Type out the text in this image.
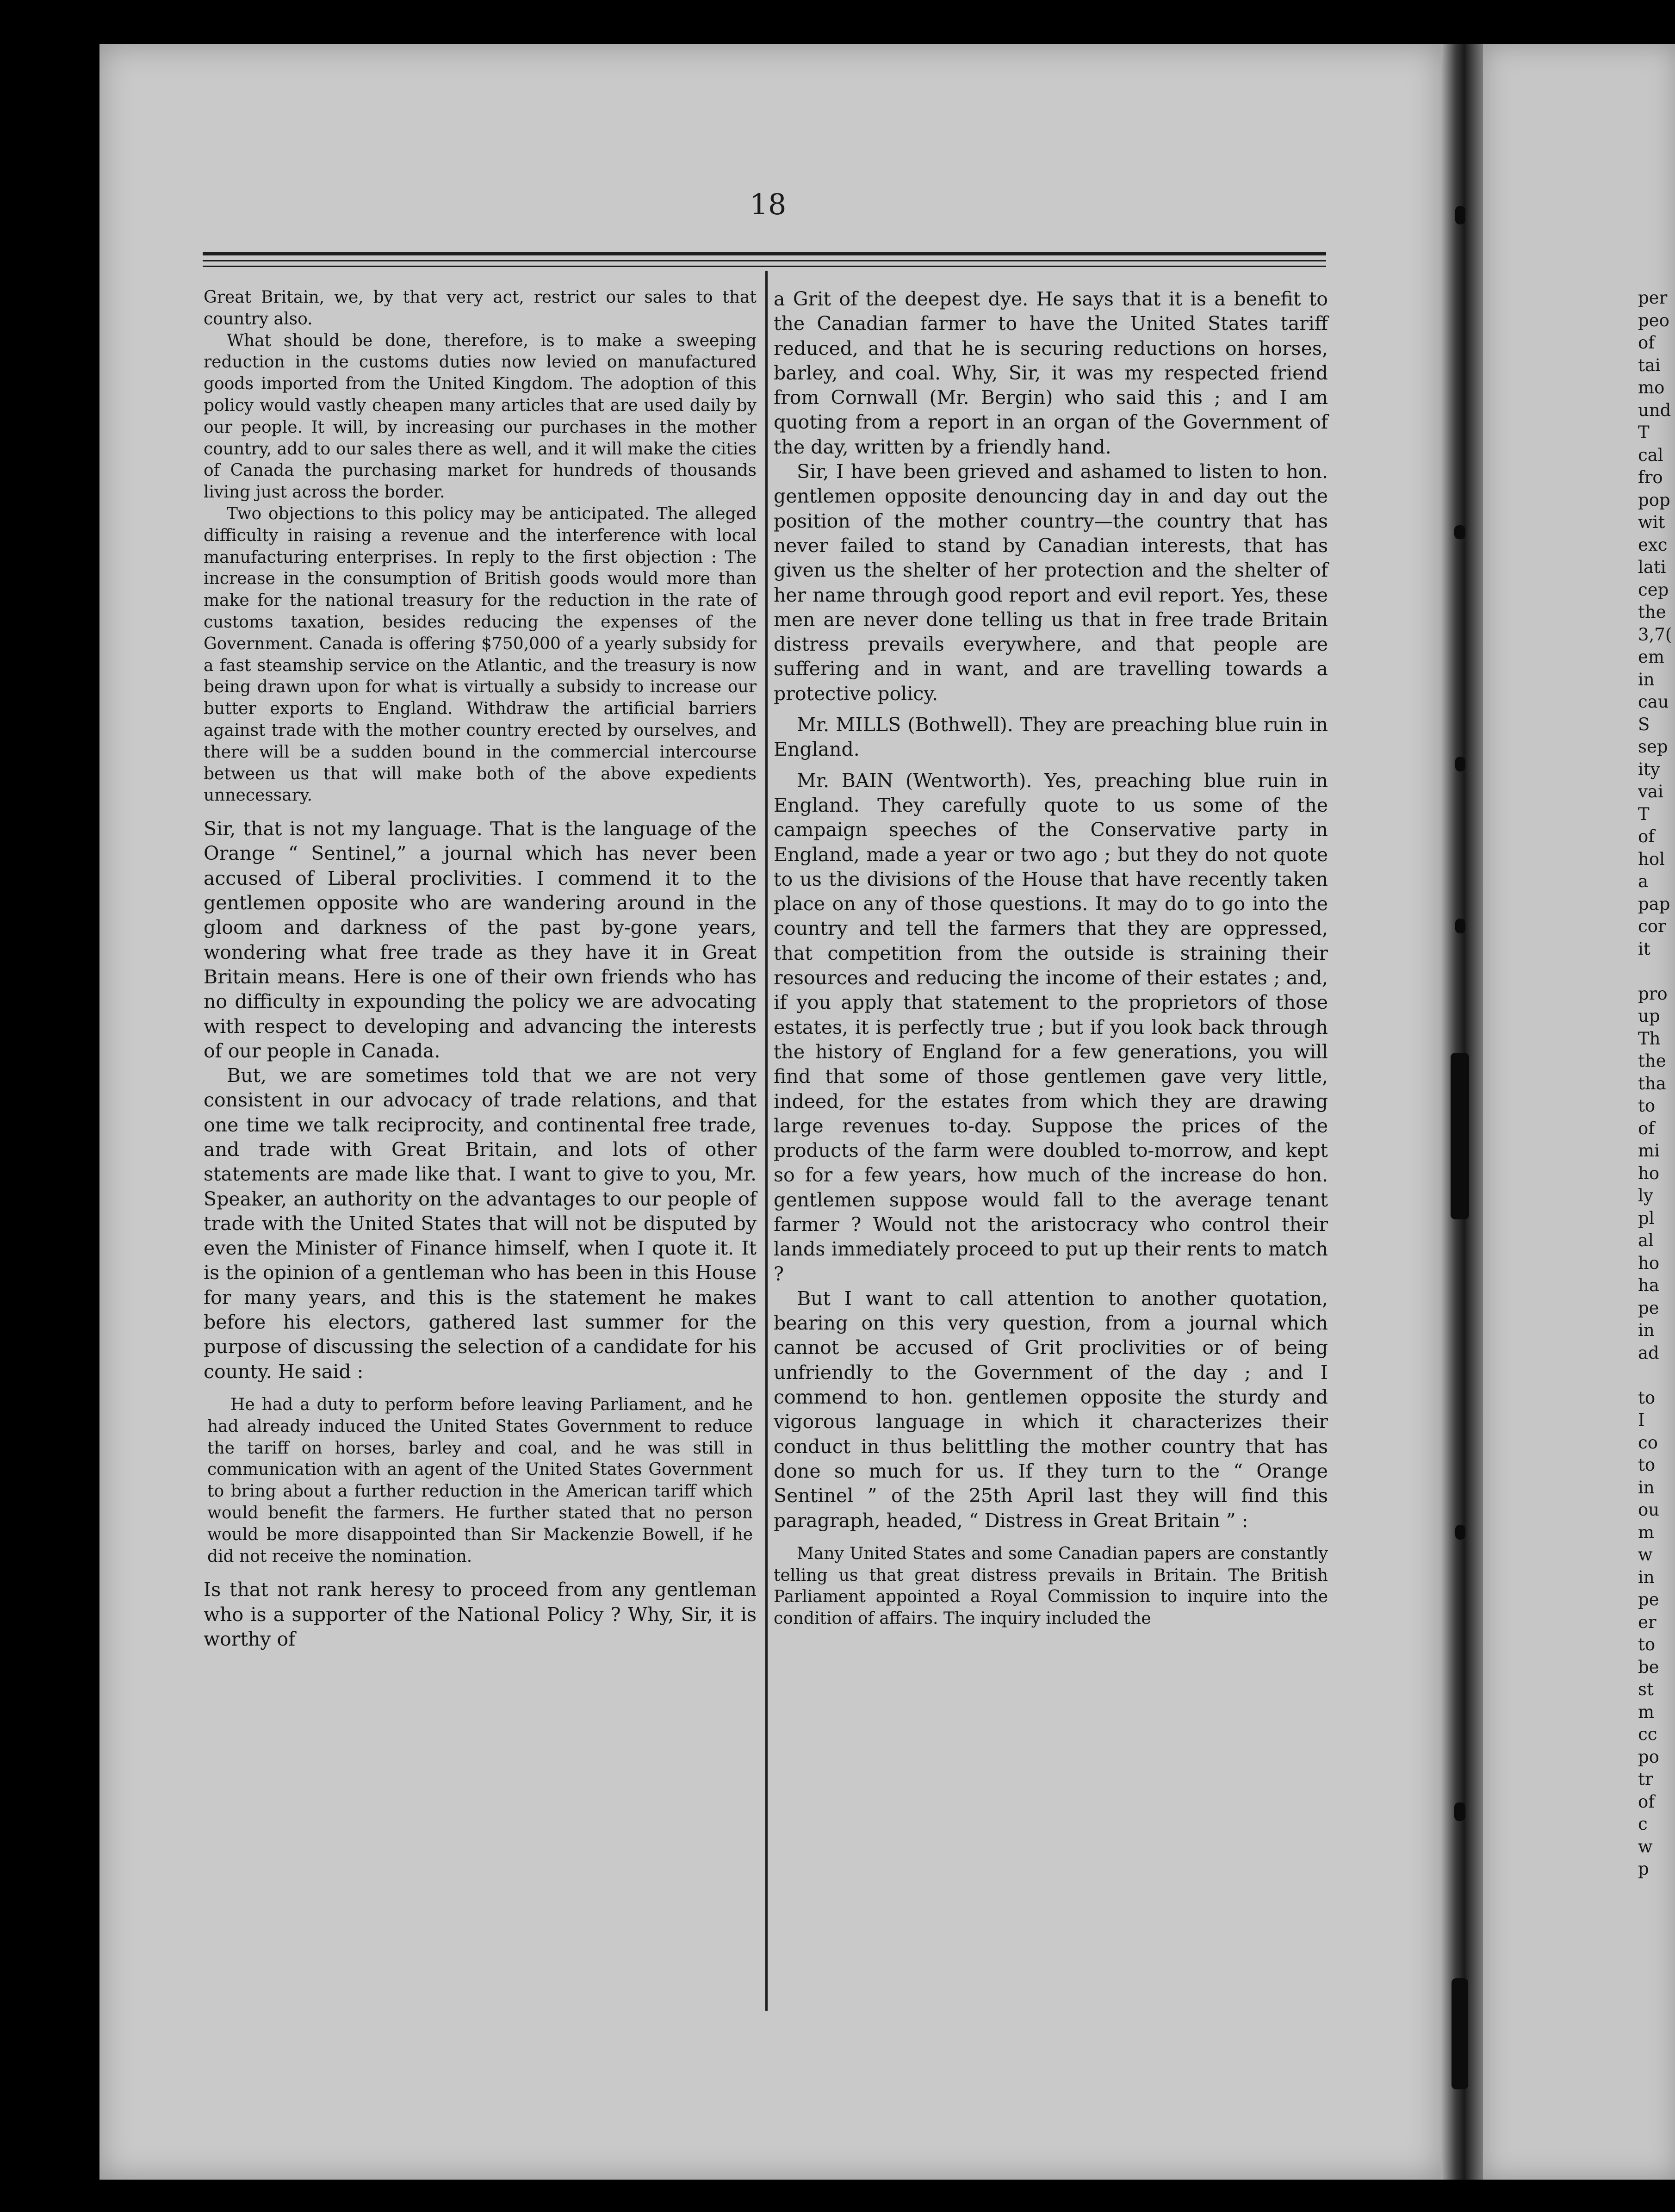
18

Great Britain, we, by that very act, restrict our sales to that country also.

What should be done, therefore, is to make a sweeping reduction in the customs duties now levied on manufactured goods imported from the United Kingdom. The adoption of this policy would vastly cheapen many articles that are used daily by our people. It will, by increasing our purchases in the mother country, add to our sales there as well, and it will make the cities of Canada the purchasing market for hundreds of thousands living just across the border.

Two objections to this policy may be anticipated. The alleged difficulty in raising a revenue and the interference with local manufacturing enterprises. In reply to the first objection : The increase in the consumption of British goods would more than make for the national treasury for the reduction in the rate of customs taxation, besides reducing the expenses of the Government. Canada is offering $750,000 of a yearly subsidy for a fast steamship service on the Atlantic, and the treasury is now being drawn upon for what is virtually a subsidy to increase our butter exports to England. Withdraw the artificial barriers against trade with the mother country erected by ourselves, and there will be a sudden bound in the commercial intercourse between us that will make both of the above expedients unnecessary.

Sir, that is not my language. That is the language of the Orange “ Sentinel,” a journal which has never been accused of Liberal proclivities. I commend it to the gentlemen opposite who are wandering around in the gloom and darkness of the past by-gone years, wondering what free trade as they have it in Great Britain means. Here is one of their own friends who has no difficulty in expounding the policy we are advocating with respect to developing and advancing the interests of our people in Canada.

But, we are sometimes told that we are not very consistent in our advocacy of trade relations, and that one time we talk reciprocity, and continental free trade, and trade with Great Britain, and lots of other statements are made like that. I want to give to you, Mr. Speaker, an authority on the advantages to our people of trade with the United States that will not be disputed by even the Minister of Finance himself, when I quote it. It is the opinion of a gentleman who has been in this House for many years, and this is the statement he makes before his electors, gathered last summer for the purpose of discussing the selection of a candidate for his county. He said :

He had a duty to perform before leaving Parliament, and he had already induced the United States Government to reduce the tariff on horses, barley and coal, and he was still in communication with an agent of the United States Government to bring about a further reduction in the American tariff which would benefit the farmers. He further stated that no person would be more disappointed than Sir Mackenzie Bowell, if he did not receive the nomination.

Is that not rank heresy to proceed from any gentleman who is a supporter of the National Policy ? Why, Sir, it is worthy of

a Grit of the deepest dye. He says that it is a benefit to the Canadian farmer to have the United States tariff reduced, and that he is securing reductions on horses, barley, and coal. Why, Sir, it was my respected friend from Cornwall (Mr. Bergin) who said this ; and I am quoting from a report in an organ of the Government of the day, written by a friendly hand.

Sir, I have been grieved and ashamed to listen to hon. gentlemen opposite denouncing day in and day out the position of the mother country—the country that has never failed to stand by Canadian interests, that has given us the shelter of her protection and the shelter of her name through good report and evil report. Yes, these men are never done telling us that in free trade Britain distress prevails everywhere, and that people are suffering and in want, and are travelling towards a protective policy.

Mr. MILLS (Bothwell). They are preaching blue ruin in England.

Mr. BAIN (Wentworth). Yes, preaching blue ruin in England. They carefully quote to us some of the campaign speeches of the Conservative party in England, made a year or two ago ; but they do not quote to us the divisions of the House that have recently taken place on any of those questions. It may do to go into the country and tell the farmers that they are oppressed, that competition from the outside is straining their resources and reducing the income of their estates ; and, if you apply that statement to the proprietors of those estates, it is perfectly true ; but if you look back through the history of England for a few generations, you will find that some of those gentlemen gave very little, indeed, for the estates from which they are drawing large revenues to-day. Suppose the prices of the products of the farm were doubled to-morrow, and kept so for a few years, how much of the increase do hon. gentlemen suppose would fall to the average tenant farmer ? Would not the aristocracy who control their lands immediately proceed to put up their rents to match ?

But I want to call attention to another quotation, bearing on this very question, from a journal which cannot be accused of Grit proclivities or of being unfriendly to the Government of the day ; and I commend to hon. gentlemen opposite the sturdy and vigorous language in which it characterizes their conduct in thus belittling the mother country that has done so much for us. If they turn to the “ Orange Sentinel ” of the 25th April last they will find this paragraph, headed, “ Distress in Great Britain ” :

Many United States and some Canadian papers are constantly telling us that great distress prevails in Britain. The British Parliament appointed a Royal Commission to inquire into the condition of affairs. The inquiry included the

per
peo
of
tai
mo
und
T
cal
fro
pop
wit
exc
lati
cep
the
3,7(
em
in
cau
S
sep
ity
vai
T
of
hol
a
pap
cor
it

pro
up
Th
the
tha
to
of
mi
ho
ly
pl
al
ho
ha
pe
in
ad

to
I
co
to
in
ou
m
w
in
pe
er
to
be
st
m
cc
po
tr
of
c
w
p
